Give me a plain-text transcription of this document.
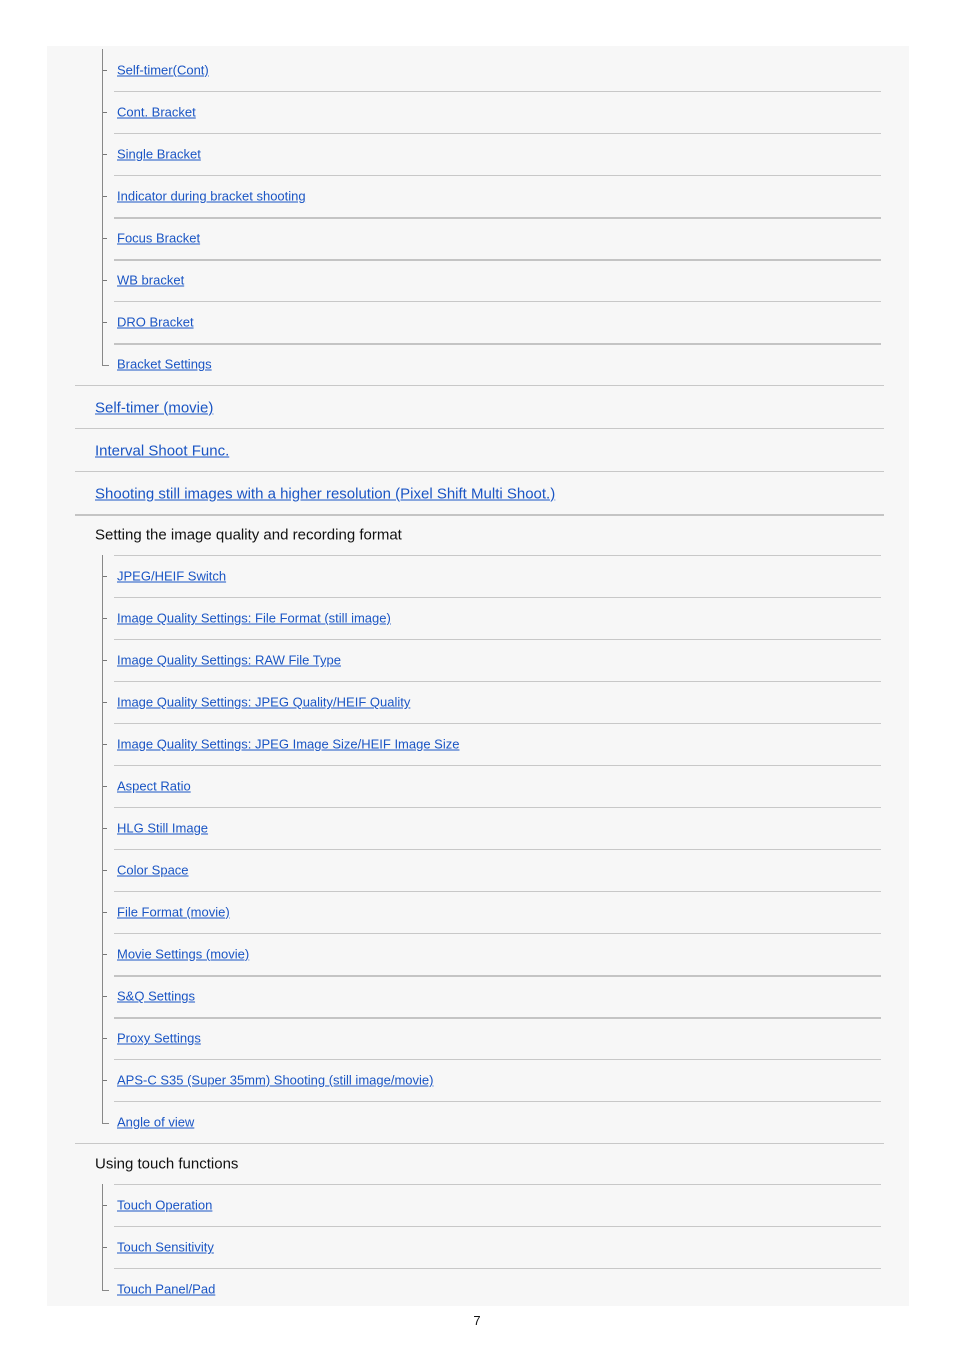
Self-timer(Cont)
Cont. Bracket
Single Bracket
Indicator during bracket shooting
Focus Bracket
WB bracket
DRO Bracket
Bracket Settings
Self-timer (movie)
Interval Shoot Func.
Shooting still images with a higher resolution (Pixel Shift Multi Shoot.)
Setting the image quality and recording format
JPEG/HEIF Switch
Image Quality Settings: File Format (still image)
Image Quality Settings: RAW File Type
Image Quality Settings: JPEG Quality/HEIF Quality
Image Quality Settings: JPEG Image Size/HEIF Image Size
Aspect Ratio
HLG Still Image
Color Space
File Format (movie)
Movie Settings (movie)
S&Q Settings
Proxy Settings
APS-C S35 (Super 35mm) Shooting (still image/movie)
Angle of view
Using touch functions
Touch Operation
Touch Sensitivity
Touch Panel/Pad
7
